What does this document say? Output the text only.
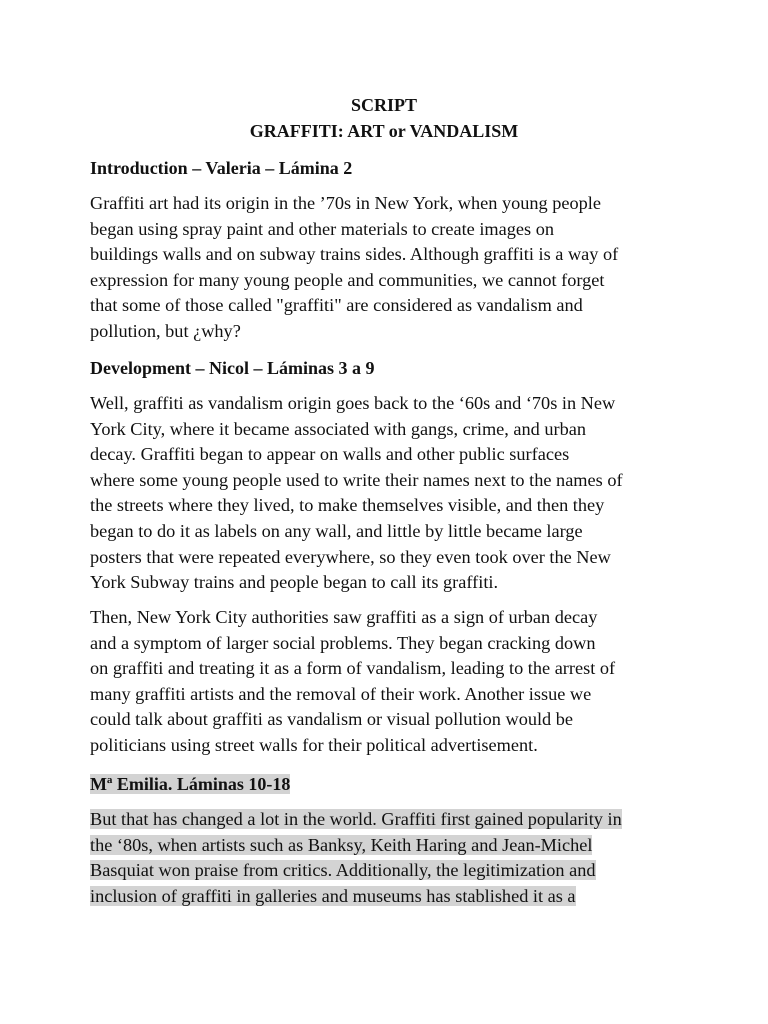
SCRIPT
GRAFFITI: ART or VANDALISM
Introduction – Valeria – Lámina 2

Graffiti art had its origin in the ’70s in New York, when young people
began using spray paint and other materials to create images on
buildings walls and on subway trains sides. Although graffiti is a way of
expression for many young people and communities, we cannot forget
that some of those called "graffiti" are considered as vandalism and
pollution, but ¿why?

Development – Nicol – Láminas 3 a 9

Well, graffiti as vandalism origin goes back to the ‘60s and ‘70s in New
York City, where it became associated with gangs, crime, and urban
decay. Graffiti began to appear on walls and other public surfaces
where some young people used to write their names next to the names of
the streets where they lived, to make themselves visible, and then they
began to do it as labels on any wall, and little by little became large
posters that were repeated everywhere, so they even took over the New
York Subway trains and people began to call its graffiti.

Then, New York City authorities saw graffiti as a sign of urban decay
and a symptom of larger social problems. They began cracking down
on graffiti and treating it as a form of vandalism, leading to the arrest of
many graffiti artists and the removal of their work. Another issue we
could talk about graffiti as vandalism or visual pollution would be
politicians using street walls for their political advertisement.

Mª Emilia. Láminas 10-18

But that has changed a lot in the world. Graffiti first gained popularity in
the ‘80s, when artists such as Banksy, Keith Haring and Jean-Michel
Basquiat won praise from critics. Additionally, the legitimization and
inclusion of graffiti in galleries and museums has stablished it as a
